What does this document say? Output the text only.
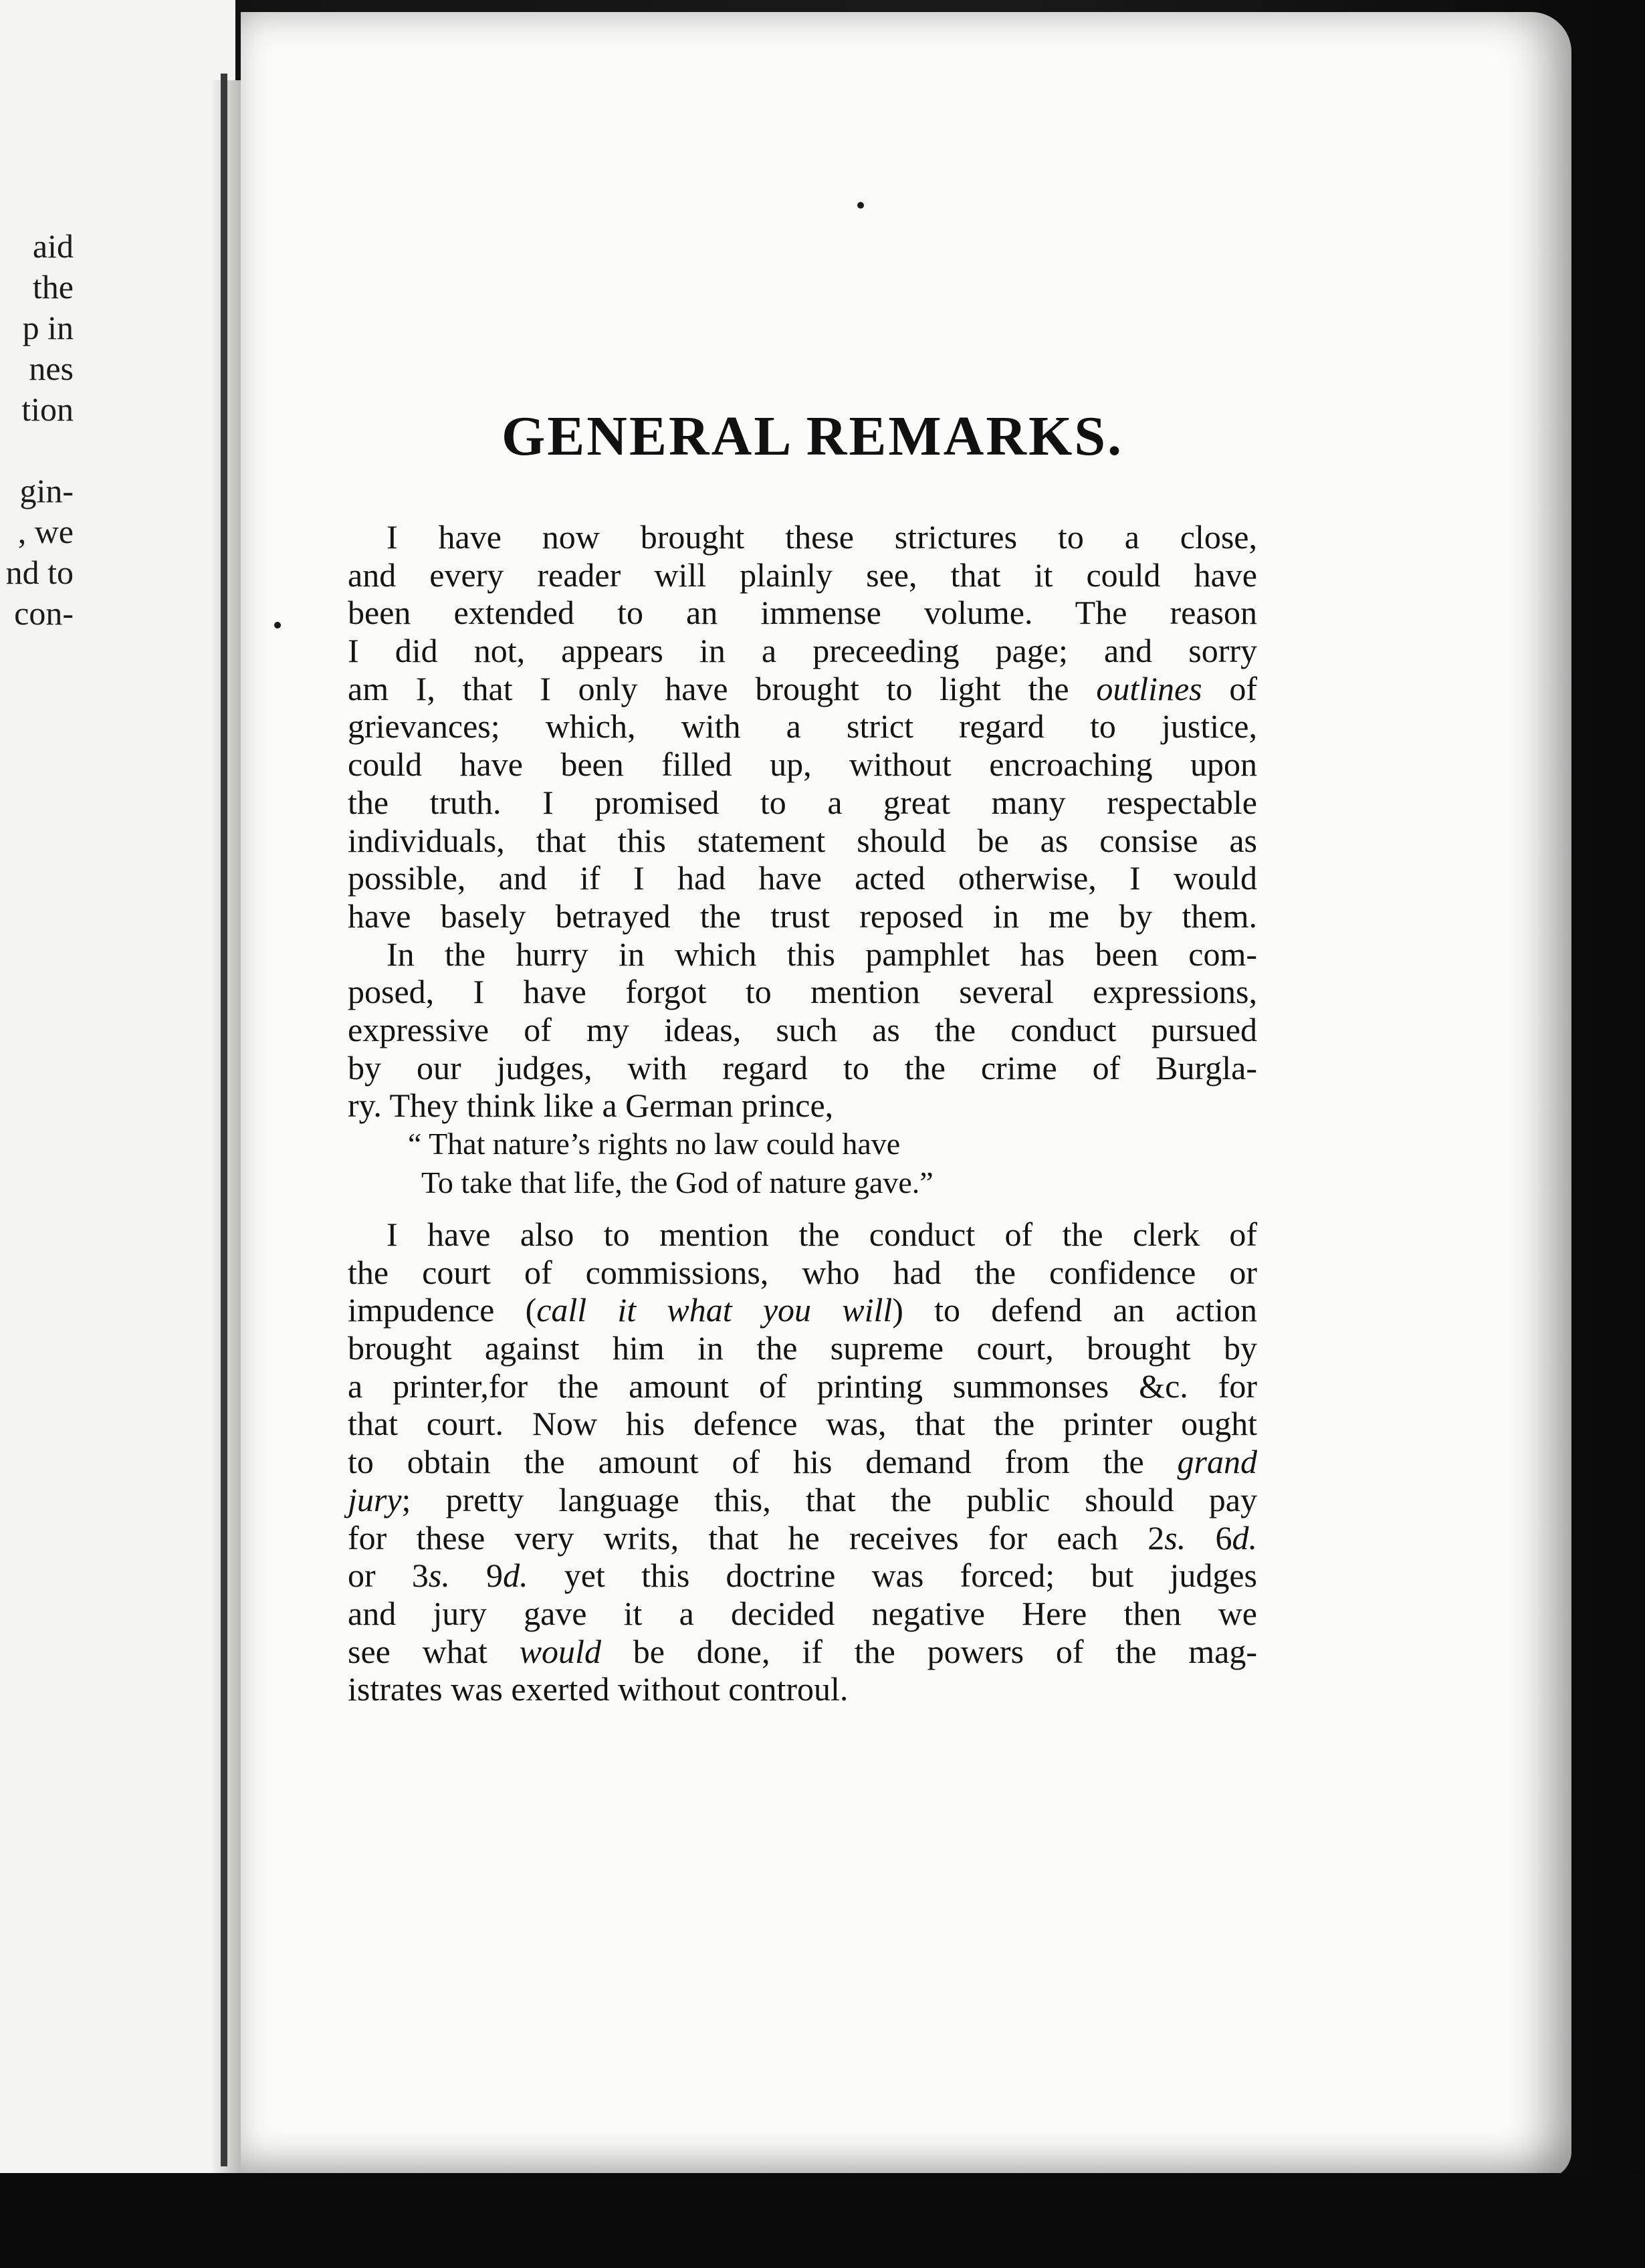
aid
the
p in
nes
tion

gin-
, we
nd to
con-
GENERAL REMARKS.
I have now brought these strictures to a close,
and every reader will plainly see, that it could have
been extended to an immense volume. The reason
I did not, appears in a preceeding page; and sorry
am I, that I only have brought to light the outlines of
grievances; which, with a strict regard to justice,
could have been filled up, without encroaching upon
the truth. I promised to a great many respectable
individuals, that this statement should be as consise as
possible, and if I had have acted otherwise, I would
have basely betrayed the trust reposed in me by them.
In the hurry in which this pamphlet has been com-
posed, I have forgot to mention several expressions,
expressive of my ideas, such as the conduct pursued
by our judges, with regard to the crime of Burgla-
ry. They think like a German prince,
“ That nature’s rights no law could have
To take that life, the God of nature gave.”
I have also to mention the conduct of the clerk of
the court of commissions, who had the confidence or
impudence (call it what you will) to defend an action
brought against him in the supreme court, brought by
a printer,for the amount of printing summonses &c. for
that court. Now his defence was, that the printer ought
to obtain the amount of his demand from the grand
jury; pretty language this, that the public should pay
for these very writs, that he receives for each 2s. 6d.
or 3s. 9d. yet this doctrine was forced; but judges
and jury gave it a decided negative Here then we
see what would be done, if the powers of the mag-
istrates was exerted without controul.
